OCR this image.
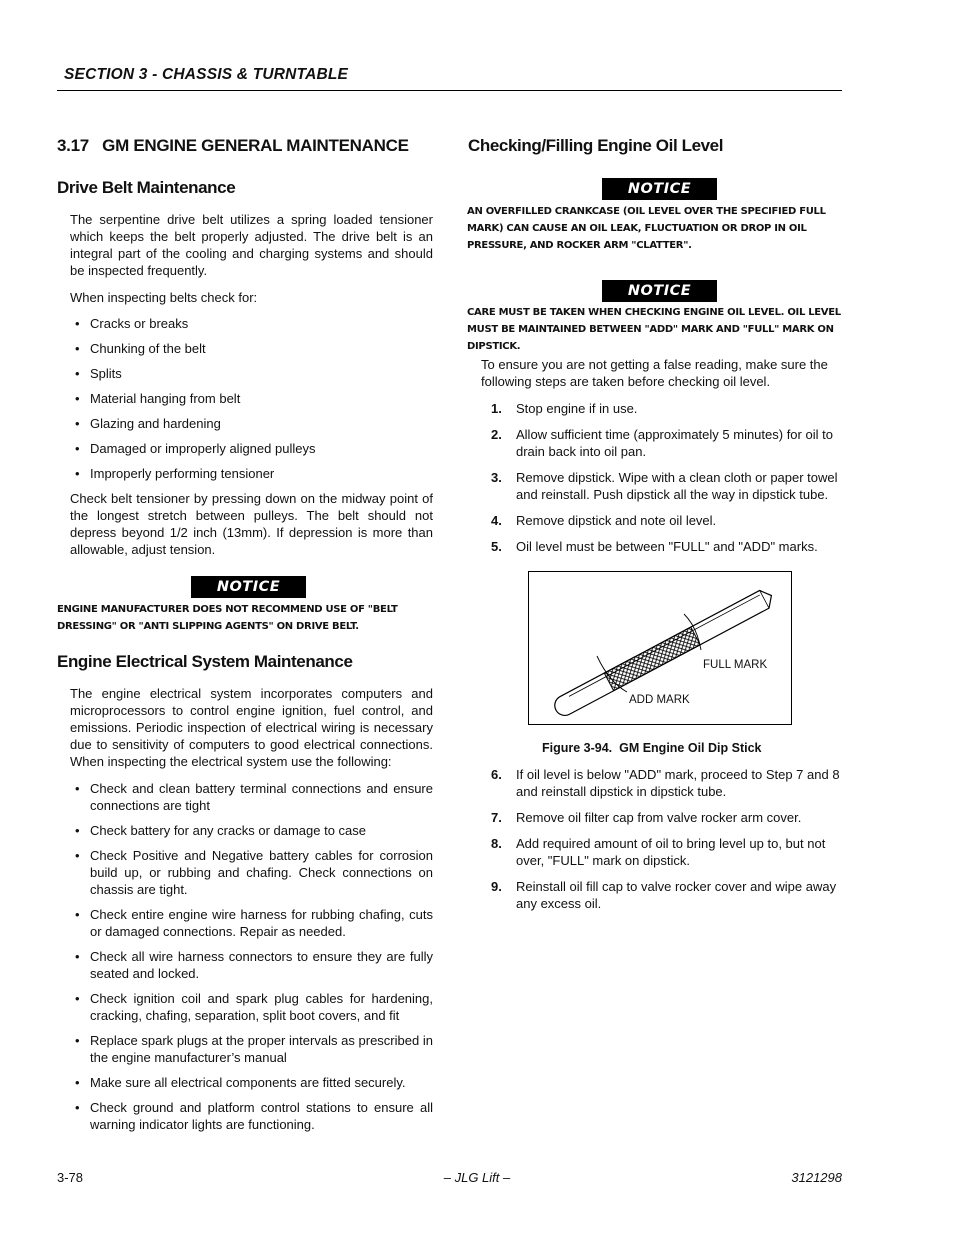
SECTION 3 - CHASSIS & TURNTABLE
3.17   GM ENGINE GENERAL MAINTENANCE
Drive Belt Maintenance
The serpentine drive belt utilizes a spring loaded tensioner which keeps the belt properly adjusted. The drive belt is an integral part of the cooling and charging systems and should be inspected frequently.
When inspecting belts check for:
• Cracks or breaks
• Chunking of the belt
• Splits
• Material hanging from belt
• Glazing and hardening
• Damaged or improperly aligned pulleys
• Improperly performing tensioner
Check belt tensioner by pressing down on the midway point of the longest stretch between pulleys. The belt should not depress beyond 1/2 inch (13mm). If depression is more than allowable, adjust tension.
NOTICE
ENGINE MANUFACTURER DOES NOT RECOMMEND USE OF "BELT DRESSING" OR "ANTI SLIPPING AGENTS" ON DRIVE BELT.
Engine Electrical System Maintenance
The engine electrical system incorporates computers and microprocessors to control engine ignition, fuel control, and emissions. Periodic inspection of electrical wiring is necessary due to sensitivity of computers to good electrical connections. When inspecting the electrical system use the following:
• Check and clean battery terminal connections and ensure connections are tight
• Check battery for any cracks or damage to case
• Check Positive and Negative battery cables for corrosion build up, or rubbing and chafing. Check connections on chassis are tight.
• Check entire engine wire harness for rubbing chafing, cuts or damaged connections. Repair as needed.
• Check all wire harness connectors to ensure they are fully seated and locked.
• Check ignition coil and spark plug cables for hardening, cracking, chafing, separation, split boot covers, and fit
• Replace spark plugs at the proper intervals as prescribed in the engine manufacturer’s manual
• Make sure all electrical components are fitted securely.
• Check ground and platform control stations to ensure all warning indicator lights are functioning.
Checking/Filling Engine Oil Level
NOTICE
AN OVERFILLED CRANKCASE (OIL LEVEL OVER THE SPECIFIED FULL MARK) CAN CAUSE AN OIL LEAK, FLUCTUATION OR DROP IN OIL PRESSURE, AND ROCKER ARM "CLATTER".
NOTICE
CARE MUST BE TAKEN WHEN CHECKING ENGINE OIL LEVEL. OIL LEVEL MUST BE MAINTAINED BETWEEN "ADD" MARK AND "FULL" MARK ON DIPSTICK.
To ensure you are not getting a false reading, make sure the following steps are taken before checking oil level.
1. Stop engine if in use.
2. Allow sufficient time (approximately 5 minutes) for oil to drain back into oil pan.
3. Remove dipstick. Wipe with a clean cloth or paper towel and reinstall. Push dipstick all the way in dipstick tube.
4. Remove dipstick and note oil level.
5. Oil level must be between "FULL" and "ADD" marks.
FULL MARK
ADD MARK
Figure 3-94.  GM Engine Oil Dip Stick
6. If oil level is below "ADD" mark, proceed to Step 7 and 8 and reinstall dipstick in dipstick tube.
7. Remove oil filter cap from valve rocker arm cover.
8. Add required amount of oil to bring level up to, but not over, "FULL" mark on dipstick.
9. Reinstall oil fill cap to valve rocker cover and wipe away any excess oil.
3-78	– JLG Lift –	3121298
